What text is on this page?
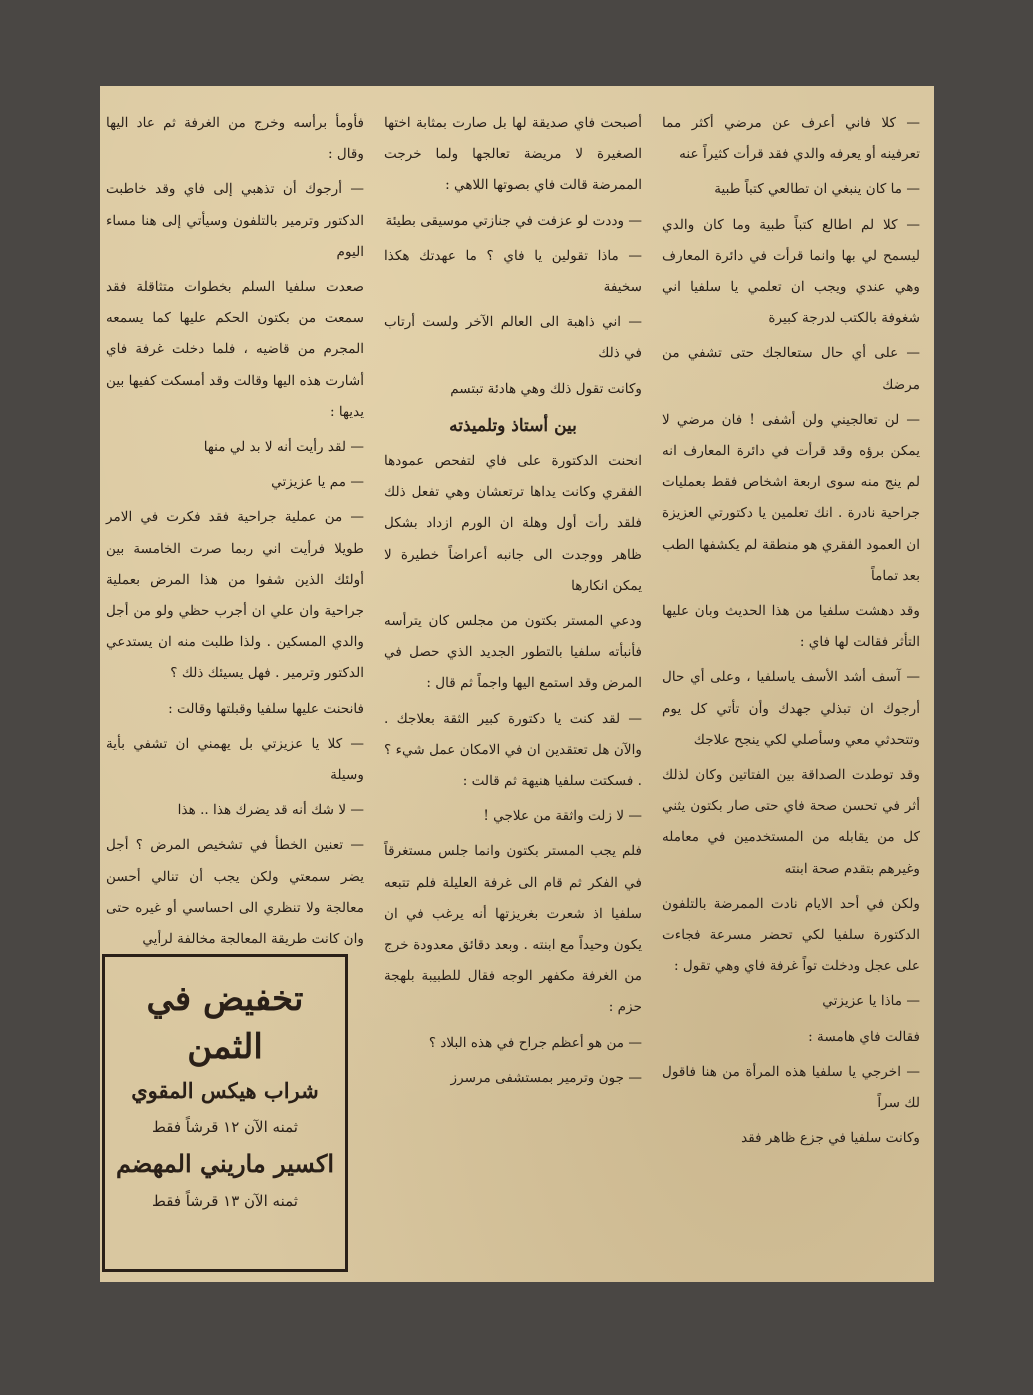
— كلا فاني أعرف عن مرضي أكثر مما تعرفينه أو يعرفه والدي فقد قرأت كثيراً عنه

— ما كان ينبغي ان تطالعي كتباً طبية

— كلا لم اطالع كتباً طبية وما كان والدي ليسمح لي بها وانما قرأت في دائرة المعارف وهي عندي ويجب ان تعلمي يا سلفيا اني شغوفة بالكتب لدرجة كبيرة

— على أي حال ستعالجك حتى تشفي من مرضك

— لن تعالجيني ولن أشفى ! فان مرضي لا يمكن برؤه وقد قرأت في دائرة المعارف انه لم ينج منه سوى اربعة اشخاص فقط بعمليات جراحية نادرة . انك تعلمين يا دكتورتي العزيزة ان العمود الفقري هو منطقة لم يكشفها الطب بعد تماماً

وقد دهشت سلفيا من هذا الحديث وبان عليها التأثر فقالت لها فاي :

— آسف أشد الأسف ياسلفيا ، وعلى أي حال أرجوك ان تبذلي جهدك وأن تأتي كل يوم وتتحدثي معي وسأصلي لكي ينجح علاجك

وقد توطدت الصداقة بين الفتاتين وكان لذلك أثر في تحسن صحة فاي حتى صار بكتون يثني كل من يقابله من المستخدمين في معامله وغيرهم بتقدم صحة ابنته

ولكن في أحد الايام نادت الممرضة بالتلفون الدكتورة سلفيا لكي تحضر مسرعة فجاءت على عجل ودخلت تواً غرفة فاي وهي تقول :

— ماذا يا عزيزتي

فقالت فاي هامسة :

— اخرجي يا سلفيا هذه المرأة من هنا فاقول لك سراً

وكانت سلفيا في جزع ظاهر فقد

أصبحت فاي صديقة لها بل صارت بمثابة اختها الصغيرة لا مريضة تعالجها ولما خرجت الممرضة قالت فاي بصوتها اللاهي :

— وددت لو عزفت في جنازتي موسيقى بطيئة

— ماذا تقولين يا فاي ؟ ما عهدتك هكذا سخيفة

— اني ذاهبة الى العالم الآخر ولست أرتاب في ذلك

وكانت تقول ذلك وهي هادئة تبتسم

بين أستاذ وتلميذته

انحنت الدكتورة على فاي لتفحص عمودها الفقري وكانت يداها ترتعشان وهي تفعل ذلك فلقد رأت أول وهلة ان الورم ازداد بشكل ظاهر ووجدت الى جانبه أعراضاً خطيرة لا يمكن انكارها

ودعي المستر بكتون من مجلس كان يترأسه فأنبأته سلفيا بالتطور الجديد الذي حصل في المرض وقد استمع اليها واجماً ثم قال :

— لقد كنت يا دكتورة كبير الثقة بعلاجك . والآن هل تعتقدين ان في الامكان عمل شيء ؟ . فسكتت سلفيا هنيهة ثم قالت :

— لا زلت واثقة من علاجي !

فلم يجب المستر بكتون وانما جلس مستغرقاً في الفكر ثم قام الى غرفة العليلة فلم تتبعه سلفيا اذ شعرت بغريزتها أنه يرغب في ان يكون وحيداً مع ابنته . وبعد دقائق معدودة خرج من الغرفة مكفهر الوجه فقال للطبيبة بلهجة حزم :

— من هو أعظم جراح في هذه البلاد ؟

— جون وترمير بمستشفى مرسرز

فأومأ برأسه وخرج من الغرفة ثم عاد اليها وقال :

— أرجوك أن تذهبي إلى فاي وقد خاطبت الدكتور وترمير بالتلفون وسيأتي إلى هنا مساء اليوم

صعدت سلفيا السلم بخطوات متثاقلة فقد سمعت من بكتون الحكم عليها كما يسمعه المجرم من قاضيه ، فلما دخلت غرفة فاي أشارت هذه اليها وقالت وقد أمسكت كفيها بين يديها :

— لقد رأيت أنه لا بد لي منها

— مم يا عزيزتي

— من عملية جراحية فقد فكرت في الامر طويلا فرأيت اني ربما صرت الخامسة بين أولئك الذين شفوا من هذا المرض بعملية جراحية وان علي ان أجرب حظي ولو من أجل والدي المسكين . ولذا طلبت منه ان يستدعي الدكتور وترمير . فهل يسيئك ذلك ؟

فانحنت عليها سلفيا وقبلتها وقالت :

— كلا يا عزيزتي بل يهمني ان تشفي بأية وسيلة

— لا شك أنه قد يضرك هذا .. هذا

— تعنين الخطأ في تشخيص المرض ؟ أجل يضر سمعتي ولكن يجب أن تنالي أحسن معالجة ولا تنظري الى احساسي أو غيره حتى وان كانت طريقة المعالجة مخالفة لرأيي

تخفيض في الثمن
شراب هيكس المقوي
ثمنه الآن ١٢ قرشاً فقط
اكسير ماريني المهضم
ثمنه الآن ١٣ قرشاً فقط
